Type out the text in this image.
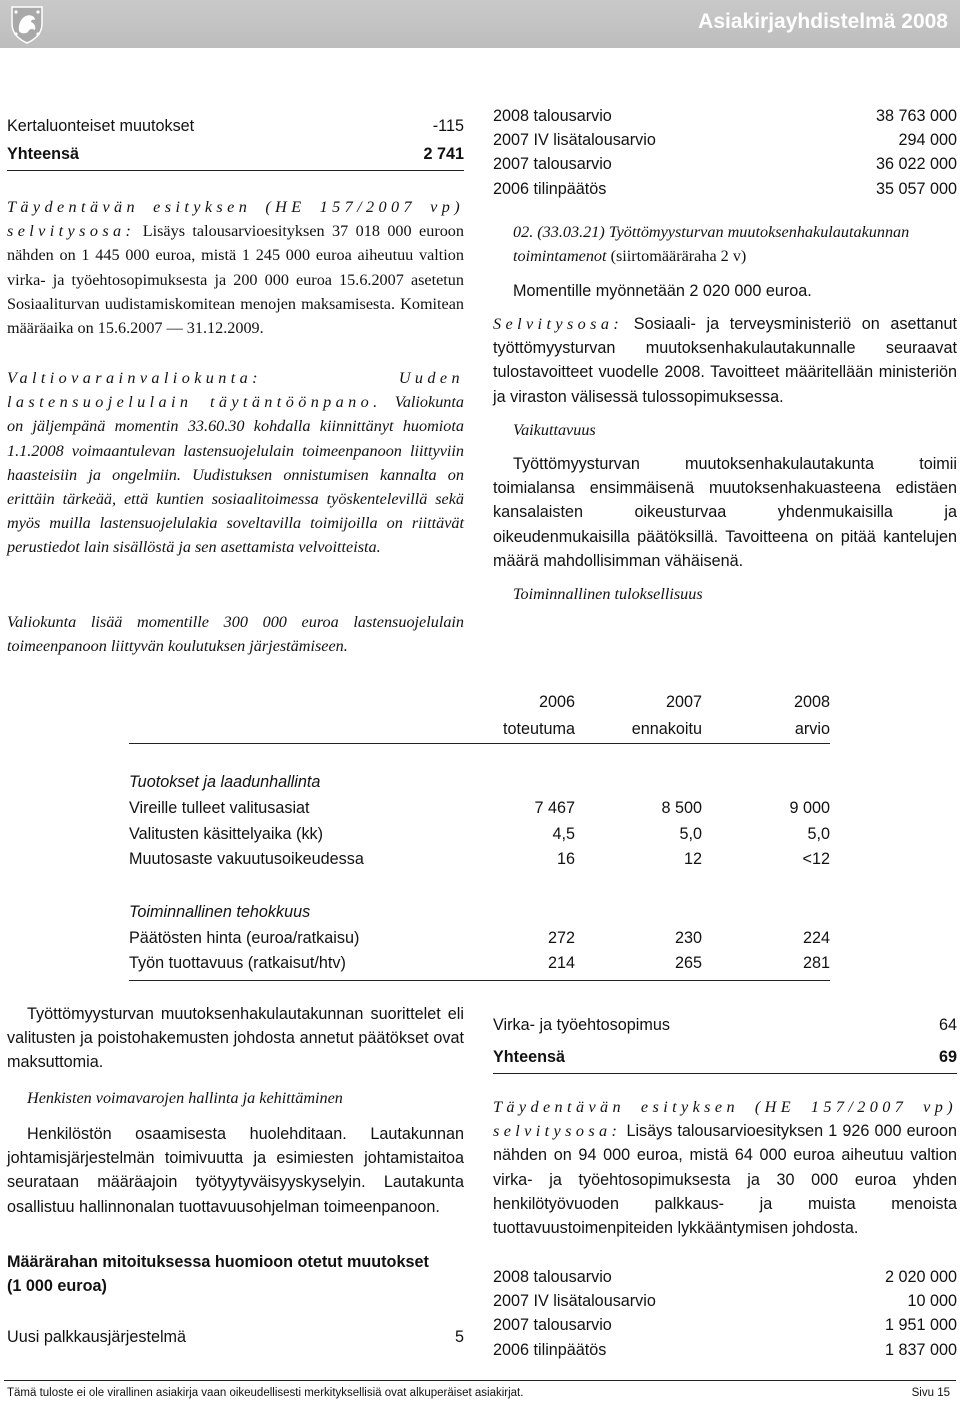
Asiakirjayhdistelmä 2008
Kertaluonteiset muutokset	-115
Yhteensä	2 741
Täydentävän esityksen (HE 157/2007 vp) selvitysosa: Lisäys talousarvioesityksen 37 018 000 euroon nähden on 1 445 000 euroa, mistä 1 245 000 euroa aiheutuu valtion virka- ja työehtosopimuksesta ja 200 000 euroa 15.6.2007 asetetun Sosiaaliturvan uudistamiskomitean menojen maksamisesta. Komitean määräaika on 15.6.2007 — 31.12.2009.
Valtiovarainvaliokunta: Uuden lastensuojelulain täytäntöönpano. Valiokunta on jäljempänä momentin 33.60.30 kohdalla kiinnittänyt huomiota 1.1.2008 voimaantulevan lastensuojelulain toimeenpanoon liittyviin haasteisiin ja ongelmiin. Uudistuksen onnistumisen kannalta on erittäin tärkeää, että kuntien sosiaalitoimessa työskentelevillä sekä myös muilla lastensuojelulakia soveltavilla toimijoilla on riittävät perustiedot lain sisällöstä ja sen asettamista velvoitteista.
Valiokunta lisää momentille 300 000 euroa lastensuojelulain toimeenpanoon liittyvän koulutuksen järjestämiseen.
2008 talousarvio	38 763 000
2007 IV lisätalousarvio	294 000
2007 talousarvio	36 022 000
2006 tilinpäätös	35 057 000
02. (33.03.21) Työttömyysturvan muutoksenhakulautakunnan toimintamenot (siirtomääräraha 2 v)
Momentille myönnetään 2 020 000 euroa.
Selvitysosa: Sosiaali- ja terveysministeriö on asettanut työttömyysturvan muutoksenhakulautakunnalle seuraavat tulostavoitteet vuodelle 2008. Tavoitteet määritellään ministeriön ja viraston välisessä tulossopimuksessa.
Vaikuttavuus
Työttömyysturvan muutoksenhakulautakunta toimii toimialansa ensimmäisenä muutoksenhakuasteena edistäen kansalaisten oikeusturvaa yhdenmukaisilla ja oikeudenmukaisilla päätöksillä. Tavoitteena on pitää kantelujen määrä mahdollisimman vähäisenä.
Toiminnallinen tuloksellisuus
2006	2007	2008
toteutuma	ennakoitu	arvio
Tuotokset ja laadunhallinta
Vireille tulleet valitusasiat	7 467	8 500	9 000
Valitusten käsittelyaika (kk)	4,5	5,0	5,0
Muutosaste vakuutusoikeudessa	16	12	<12
Toiminnallinen tehokkuus
Päätösten hinta (euroa/ratkaisu)	272	230	224
Työn tuottavuus (ratkaisut/htv)	214	265	281
Työttömyysturvan muutoksenhakulautakunnan suorittelet eli valitusten ja poistohakemusten johdosta annetut päätökset ovat maksuttomia.
Henkisten voimavarojen hallinta ja kehittäminen
Henkilöstön osaamisesta huolehditaan. Lautakunnan johtamisjärjestelmän toimivuutta ja esimiesten johtamistaitoa seurataan määräajoin työtyytyväisyyskyselyin. Lautakunta osallistuu hallinnonalan tuottavuusohjelman toimeenpanoon.
Määrärahan mitoituksessa huomioon otetut muutokset
(1 000 euroa)
Uusi palkkausjärjestelmä	5
Virka- ja työehtosopimus	64
Yhteensä	69
Täydentävän esityksen (HE 157/2007 vp) selvitysosa: Lisäys talousarvioesityksen 1 926 000 euroon nähden on 94 000 euroa, mistä 64 000 euroa aiheutuu valtion virka- ja työehtosopimuksesta ja 30 000 euroa yhden henkilötyövuoden palkkaus- ja muista menoista tuottavuustoimenpiteiden lykkääntymisen johdosta.
2008 talousarvio	2 020 000
2007 IV lisätalousarvio	10 000
2007 talousarvio	1 951 000
2006 tilinpäätös	1 837 000
Tämä tuloste ei ole virallinen asiakirja vaan oikeudellisesti merkityksellisiä ovat alkuperäiset asiakirjat.	Sivu 15
